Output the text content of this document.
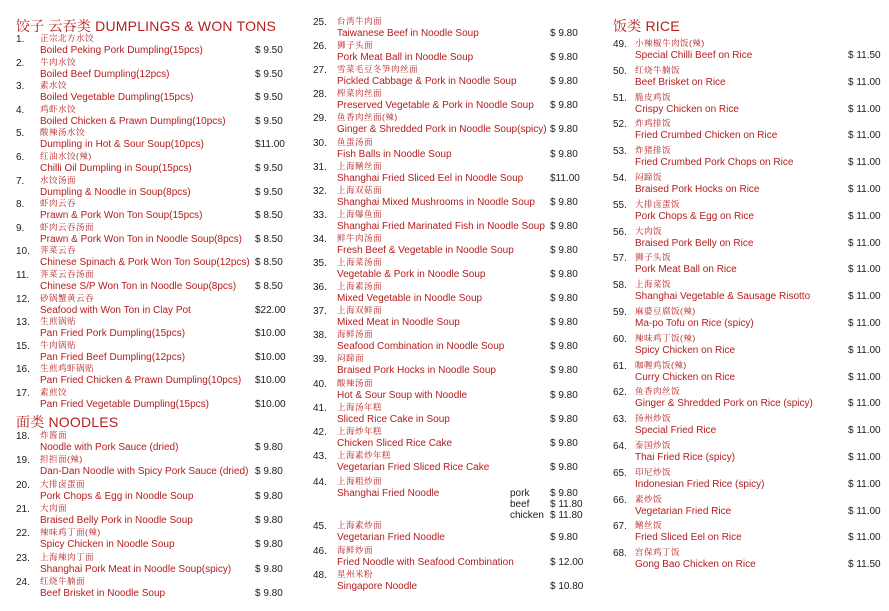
饺子 云吞类 DUMPLINGS & WON TONS
1. 正宗北方水饺
Boiled Peking Pork Dumpling(15pcs)	$ 9.50
2. 牛肉水饺
Boiled Beef Dumpling(12pcs)	$ 9.50
3. 素水饺
Boiled Vegetable Dumpling(15pcs)	$ 9.50
4. 鸡虾水饺
Boiled Chicken & Prawn Dumpling(10pcs)	$ 9.50
5. 酸辣汤水饺
Dumpling in Hot & Sour Soup(10pcs)	$11.00
6. 红油水饺(辣)
Chilli Oil Dumpling in Soup(15pcs)	$ 9.50
7. 水饺汤面
Dumpling & Noodle in Soup(8pcs)	$ 9.50
8. 虾肉云吞
Prawn & Pork Won Ton Soup(15pcs)	$ 8.50
9. 虾肉云吞汤面
Prawn & Pork Won Ton in Noodle Soup(8pcs) $ 8.50
10. 荠菜云吞
Chinese Spinach & Pork Won Ton Soup(12pcs) $ 8.50
11. 荠菜云吞汤面
Chinese S/P Won Ton in Noodle Soup(8pcs) $ 8.50
12. 砂锅蟹黄云吞
Seafood with Won Ton in Clay Pot	$22.00
13. 生煎锅贴
Pan Fried Pork Dumpling(15pcs)	$10.00
15. 牛肉锅贴
Pan Fried Beef Dumpling(12pcs)	$10.00
16. 生煎鸡虾锅贴
Pan Fried Chicken & Prawn Dumpling(10pcs) $10.00
17. 素煎饺
Pan Fried Vegetable Dumpling(15pcs)	$10.00
面类 NOODLES
18. 炸酱面
Noodle with Pork Sauce (dried)	$ 9.80
19. 担担面(辣)
Dan-Dan Noodle with Spicy Pork Sauce (dried) $ 9.80
20. 大排卤蛋面
Pork Chops & Egg in Noodle Soup	$ 9.80
21. 大肉面
Braised Belly Pork in Noodle Soup	$ 9.80
22. 辣味鸡丁面(辣)
Spicy Chicken in Noodle Soup	$ 9.80
23. 上海辣肉丁面
Shanghai Pork Meat in Noodle Soup(spicy) $ 9.80
24. 红烧牛腩面
Beef Brisket in Noodle Soup	$ 9.80
25. 台湾牛肉面
Taiwanese Beef in Noodle Soup	$ 9.80
26. 狮子头面
Pork Meat Ball in Noodle Soup	$ 9.80
27. 雪菜毛豆冬笋肉丝面
Pickled Cabbage & Pork in Noodle Soup	$ 9.80
28. 榨菜肉丝面
Preserved Vegetable & Pork in Noodle Soup $ 9.80
29. 鱼香肉丝面(辣)
Ginger & Shredded Pork in Noodle Soup(spicy) $ 9.80
30. 鱼蛋汤面
Fish Balls in Noodle Soup	$ 9.80
31. 上海鳝丝面
Shanghai Fried Sliced Eel in Noodle Soup	$11.00
32. 上海双菇面
Shanghai Mixed Mushrooms in Noodle Soup $ 9.80
33. 上海爆鱼面
Shanghai Fried Marinated Fish in Noodle Soup $ 9.80
34. 鲜牛肉汤面
Fresh Beef & Vegetable in Noodle Soup	$ 9.80
35. 上海菜汤面
Vegetable & Pork in Noodle Soup	$ 9.80
36. 上海素汤面
Mixed Vegetable in Noodle Soup	$ 9.80
37. 上海双鲜面
Mixed Meat in Noodle Soup	$ 9.80
38. 海鲜汤面
Seafood Combination in Noodle Soup	$ 9.80
39. 闷蹄面
Braised Pork Hocks in Noodle Soup	$ 9.80
40. 酸辣汤面
Hot & Sour Soup with Noodle	$ 9.80
41. 上海汤年糕
Sliced Rice Cake in Soup	$ 9.80
42. 上海炒年糕
Chicken Sliced Rice Cake	$ 9.80
43. 上海素炒年糕
Vegetarian Fried Sliced Rice Cake	$ 9.80
44. 上海粗炒面
Shanghai Fried Noodle	pork $ 9.80
beef $ 11.80
chicken $ 11.80
45. 上海素炒面
Vegetarian Fried Noodle	$ 9.80
46. 海鲜炒面
Fried Noodle with Seafood Combination	$ 12.00
48. 星州米粉
Singapore Noodle	$ 10.80
饭类 RICE
49. 小辣椒牛肉饭(辣)
Special Chilli Beef on Rice	$ 11.50
50. 红烧牛腩饭
Beef Brisket on Rice	$ 11.00
51. 脆皮鸡饭
Crispy Chicken on Rice	$ 11.00
52. 炸鸡排饭
Fried Crumbed Chicken on Rice	$ 11.00
53. 炸猪排饭
Fried Crumbed Pork Chops on Rice	$ 11.00
54. 闷蹄饭
Braised Pork Hocks on Rice	$ 11.00
55. 大排卤蛋饭
Pork Chops & Egg on Rice	$ 11.00
56. 大肉饭
Braised Pork Belly on Rice	$ 11.00
57. 狮子头饭
Pork Meat Ball on Rice	$ 11.00
58. 上海菜饭
Shanghai Vegetable & Sausage Risotto	$ 11.00
59. 麻婆豆腐饭(辣)
Ma-po Tofu on Rice (spicy)	$ 11.00
60. 辣味鸡丁饭(辣)
Spicy Chicken on Rice	$ 11.00
61. 咖喱鸡饭(辣)
Curry Chicken on Rice	$ 11.00
62. 鱼香肉丝饭
Ginger & Shredded Pork on Rice (spicy)	$ 11.00
63. 扬州炒饭
Special Fried Rice	$ 11.00
64. 泰国炒饭
Thai Fried Rice (spicy)	$ 11.00
65. 印尼炒饭
Indonesian Fried Rice (spicy)	$ 11.00
66. 素炒饭
Vegetarian Fried Rice	$ 11.00
67. 鳝丝饭
Fried Sliced Eel on Rice	$ 11.00
68. 宫保鸡丁饭
Gong Bao Chicken on Rice	$ 11.50
